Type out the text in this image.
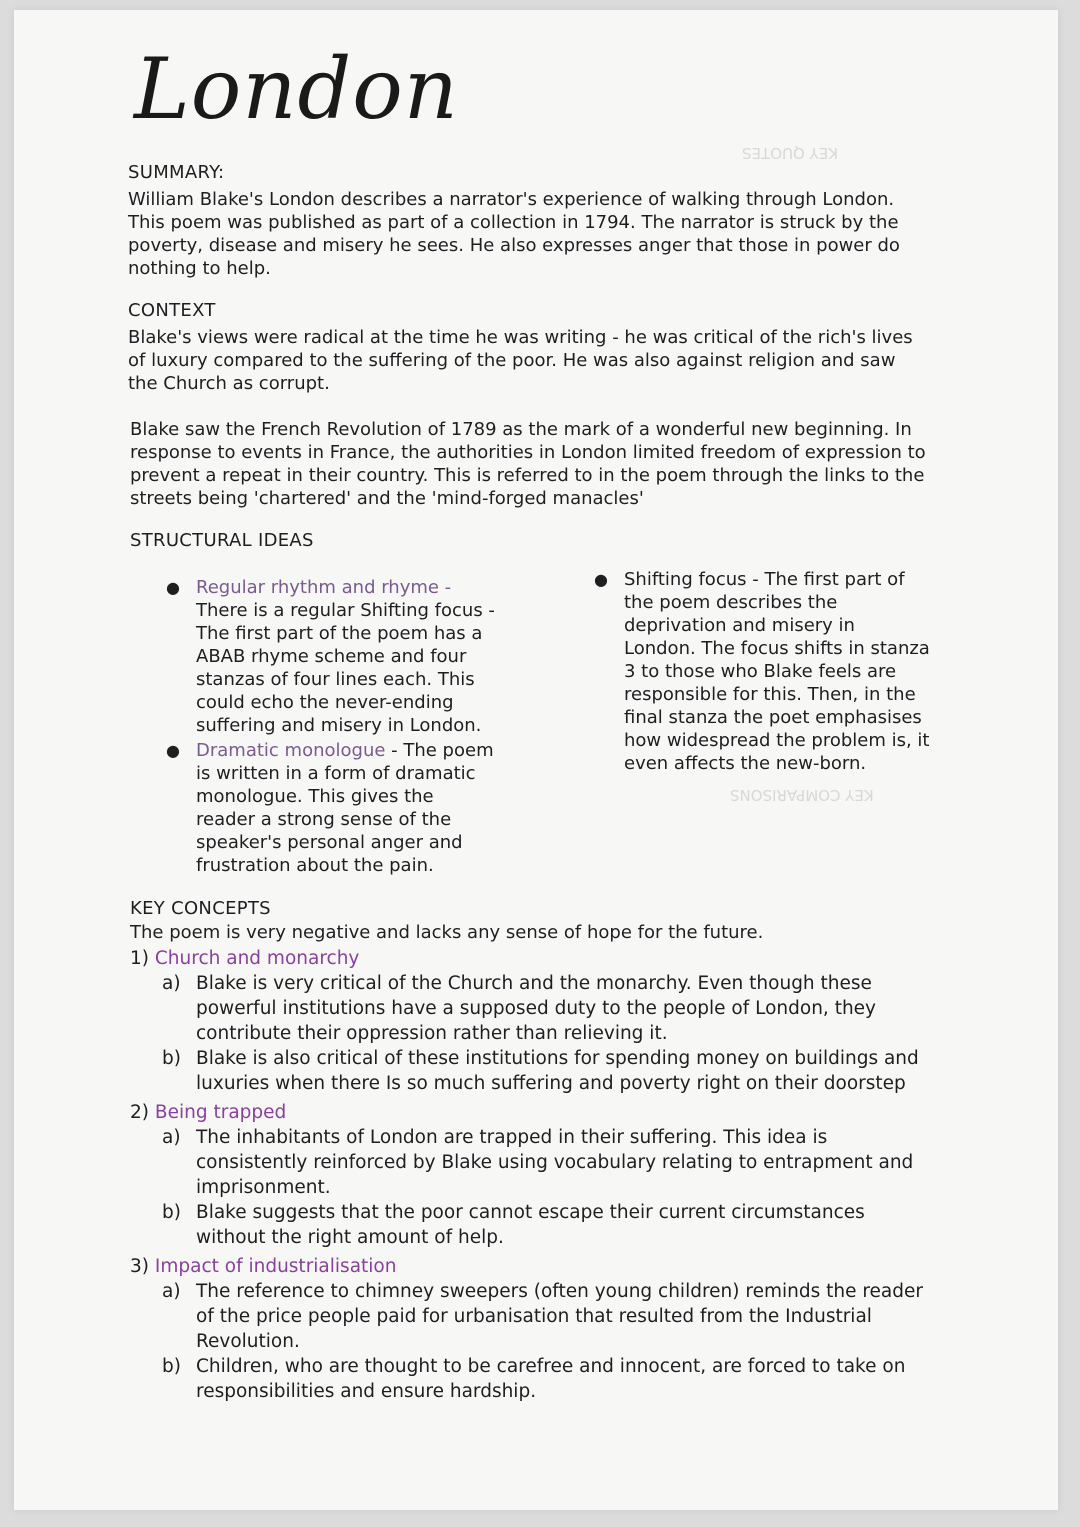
KEY QUOTES
KEY COMPARISONS
London
SUMMARY:

William Blake's London describes a narrator's experience of walking through London. This poem was published as part of a collection in 1794. The narrator is struck by the poverty, disease and misery he sees. He also expresses anger that those in power do nothing to help.

CONTEXT

Blake's views were radical at the time he was writing - he was critical of the rich's lives of luxury compared to the suffering of the poor. He was also against religion and saw the Church as corrupt.

Blake saw the French Revolution of 1789 as the mark of a wonderful new beginning. In response to events in France, the authorities in London limited freedom of expression to prevent a repeat in their country. This is referred to in the poem through the links to the streets being 'chartered' and the 'mind-forged manacles'

STRUCTURAL IDEAS
● Regular rhythm and rhyme - There is a regular Shifting focus - The first part of the poem has a ABAB rhyme scheme and four stanzas of four lines each. This could echo the never-ending suffering and misery in London.
● Dramatic monologue - The poem is written in a form of dramatic monologue. This gives the reader a strong sense of the speaker's personal anger and frustration about the pain.
● Shifting focus - The first part of the poem describes the deprivation and misery in London. The focus shifts in stanza 3 to those who Blake feels are responsible for this. Then, in the final stanza the poet emphasises how widespread the problem is, it even affects the new-born.
KEY CONCEPTS

The poem is very negative and lacks any sense of hope for the future.

1) Church and monarchy
a) Blake is very critical of the Church and the monarchy. Even though these powerful institutions have a supposed duty to the people of London, they contribute their oppression rather than relieving it.
b) Blake is also critical of these institutions for spending money on buildings and luxuries when there Is so much suffering and poverty right on their doorstep
2) Being trapped
a) The inhabitants of London are trapped in their suffering. This idea is consistently reinforced by Blake using vocabulary relating to entrapment and imprisonment.
b) Blake suggests that the poor cannot escape their current circumstances without the right amount of help.
3) Impact of industrialisation
a) The reference to chimney sweepers (often young children) reminds the reader of the price people paid for urbanisation that resulted from the Industrial Revolution.
b) Children, who are thought to be carefree and innocent, are forced to take on responsibilities and ensure hardship.
